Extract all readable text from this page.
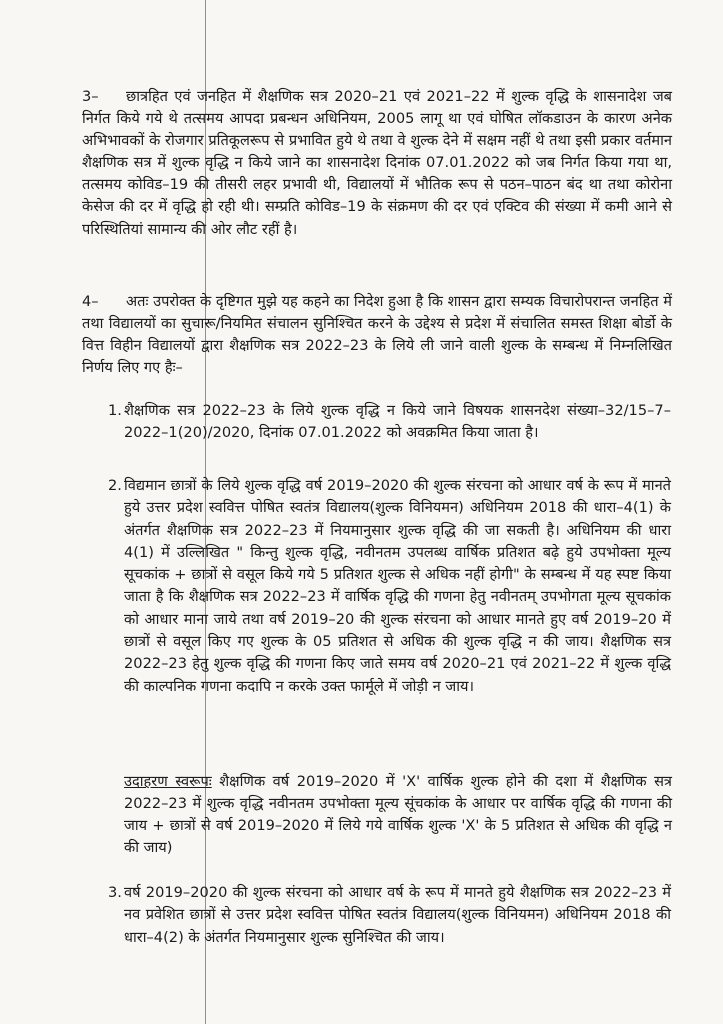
3– छात्रहित एवं जनहित में शैक्षणिक सत्र 2020–21 एवं 2021–22 में शुल्क वृद्धि के शासनादेश जब निर्गत किये गये थे तत्समय आपदा प्रबन्धन अधिनियम, 2005 लागू था एवं घोषित लॉकडाउन के कारण अनेक अभिभावकों के रोजगार प्रतिकूलरूप से प्रभावित हुये थे तथा वे शुल्क देने में सक्षम नहीं थे तथा इसी प्रकार वर्तमान शैक्षणिक सत्र में शुल्क वृद्धि न किये जाने का शासनादेश दिनांक 07.01.2022 को जब निर्गत किया गया था, तत्समय कोविड–19 की तीसरी लहर प्रभावी थी, विद्यालयों में भौतिक रूप से पठन–पाठन बंद था तथा कोरोना केसेज की दर में वृद्धि हो रही थी। सम्प्रति कोविड–19 के संक्रमण की दर एवं एक्टिव की संख्या में कमी आने से परिस्थितियां सामान्य की ओर लौट रहीं है।
4– अतः उपरोक्त के दृष्टिगत मुझे यह कहने का निदेश हुआ है कि शासन द्वारा सम्यक विचारोपरान्त जनहित में तथा विद्यालयों का सुचारू/नियमित संचालन सुनिश्चित करने के उद्देश्य से प्रदेश में संचालित समस्त शिक्षा बोर्डो के वित्त विहीन विद्यालयों द्वारा शैक्षणिक सत्र 2022–23 के लिये ली जाने वाली शुल्क के सम्बन्ध में निम्नलिखित निर्णय लिए गए हैः–
1. शैक्षणिक सत्र 2022–23 के लिये शुल्क वृद्धि न किये जाने विषयक शासनदेश संख्या–32/15–7–2022–1(20)/2020, दिनांक 07.01.2022 को अवक्रमित किया जाता है।
2. विद्यमान छात्रों के लिये शुल्क वृद्धि वर्ष 2019–2020 की शुल्क संरचना को आधार वर्ष के रूप में मानते हुये उत्तर प्रदेश स्ववित्त पोषित स्वतंत्र विद्यालय(शुल्क विनियमन) अधिनियम 2018 की धारा–4(1) के अंतर्गत शैक्षणिक सत्र 2022–23 में नियमानुसार शुल्क वृद्धि की जा सकती है। अधिनियम की धारा 4(1) में उल्लिखित " किन्तु शुल्क वृद्धि, नवीनतम उपलब्ध वार्षिक प्रतिशत बढ़े हुये उपभोक्ता मूल्य सूचकांक + छात्रों से वसूल किये गये 5 प्रतिशत शुल्क से अधिक नहीं होगी" के सम्बन्ध में यह स्पष्ट किया जाता है कि शैक्षणिक सत्र 2022–23 में वार्षिक वृद्धि की गणना हेतु नवीनतम् उपभोगता मूल्य सूचकांक को आधार माना जाये तथा वर्ष 2019–20 की शुल्क संरचना को आधार मानते हुए वर्ष 2019–20 में छात्रों से वसूल किए गए शुल्क के 05 प्रतिशत से अधिक की शुल्क वृद्धि न की जाय। शैक्षणिक सत्र 2022–23 हेतु शुल्क वृद्धि की गणना किए जाते समय वर्ष 2020–21 एवं 2021–22 में शुल्क वृद्धि की काल्पनिक गणना कदापि न करके उक्त फार्मूले में जोड़ी न जाय।
उदाहरण स्वरूपः शैक्षणिक वर्ष 2019–2020 में 'X' वार्षिक शुल्क होने की दशा में शैक्षणिक सत्र 2022–23 में शुल्क वृद्धि नवीनतम उपभोक्ता मूल्य सूंचकांक के आधार पर वार्षिक वृद्धि की गणना की जाय + छात्रों से वर्ष 2019–2020 में लिये गये वार्षिक शुल्क 'X' के 5 प्रतिशत से अधिक की वृद्धि न की जाय)
3. वर्ष 2019–2020 की शुल्क संरचना को आधार वर्ष के रूप में मानते हुये शैक्षणिक सत्र 2022–23 में नव प्रवेशित छात्रों से उत्तर प्रदेश स्ववित्त पोषित स्वतंत्र विद्यालय(शुल्क विनियमन) अधिनियम 2018 की धारा–4(2) के अंतर्गत नियमानुसार शुल्क सुनिश्चित की जाय।
